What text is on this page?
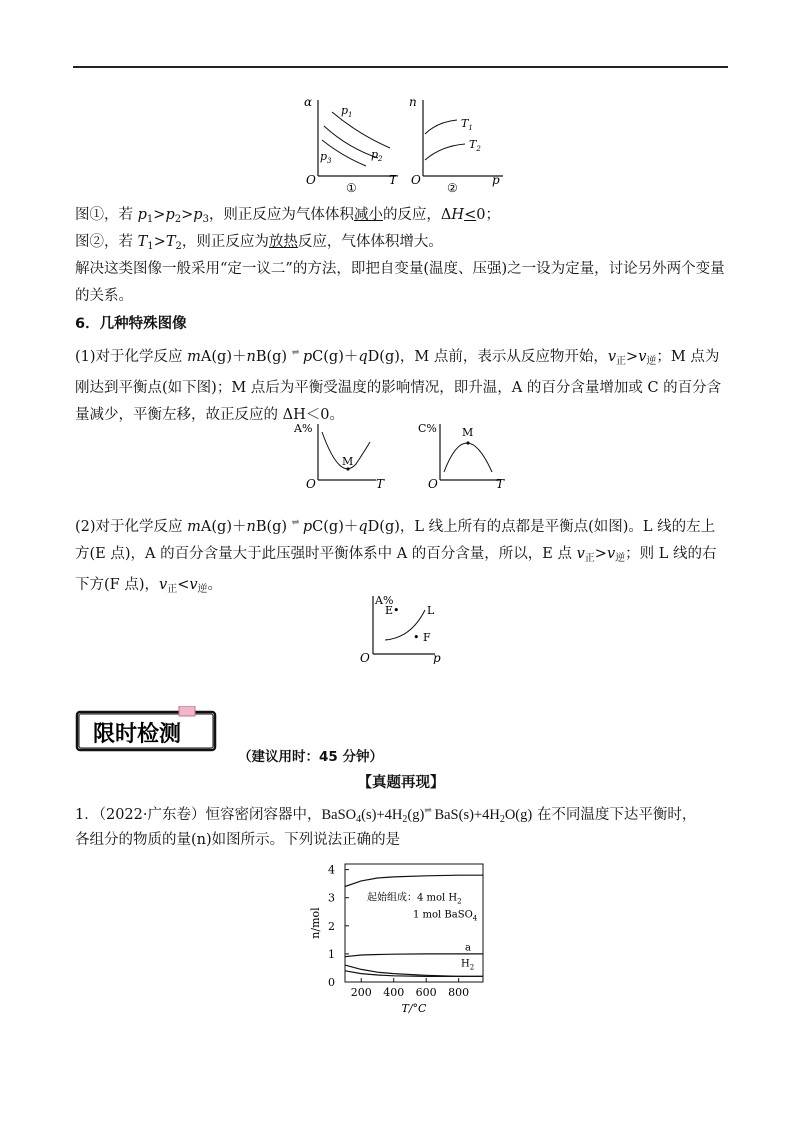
α
O	T
$p_1$
$p_2$
$p_3$
①
n
O	p
$T_1$
$T_2$
②

图①，若 $p_1>p_2>p_3$，则正反应为气体体积减小的反应，ΔH<0；

图②，若 $T_1>T_2$，则正反应为放热反应，气体体积增大。

解决这类图像一般采用“定一议二”的方法，即把自变量(温度、压强)之一设为定量，讨论另外两个变量的关系。

6．几种特殊图像

(1)对于化学反应 mA(g)＋nB(g) ⇌ pC(g)＋qD(g)，M 点前，表示从反应物开始，$v_正>v_逆$；M 点为刚达到平衡点(如下图)；M 点后为平衡受温度的影响情况，即升温，A 的百分含量增加或 C 的百分含量减少，平衡左移，故正反应的 ΔH＜0。

A%
O	T
M
C%
O	T
M

(2)对于化学反应 mA(g)＋nB(g) ⇌ pC(g)＋qD(g)，L 线上所有的点都是平衡点(如图)。L 线的左上方(E 点)，A 的百分含量大于此压强时平衡体系中 A 的百分含量，所以，E 点 $v_正>v_逆$；则 L 线的右下方(F 点)，$v_正<v_逆$。

A%
O	p
E• L
• F
限时检测

（建议用时：45 分钟）

【真题再现】

1．（2022·广东卷）恒容密闭容器中，$BaSO_4(s)+4H_2(g)\rightleftharpoons$ $BaS(s)+4H_2O(g)$ 在不同温度下达平衡时，

各组分的物质的量(n)如图所示。下列说法正确的是

0
1
2
3
4
200 400 600 800
n/mol
T/°C
起始组成：4 mol $H_2$
1 mol BaSO$_4$
a
$H_2$
